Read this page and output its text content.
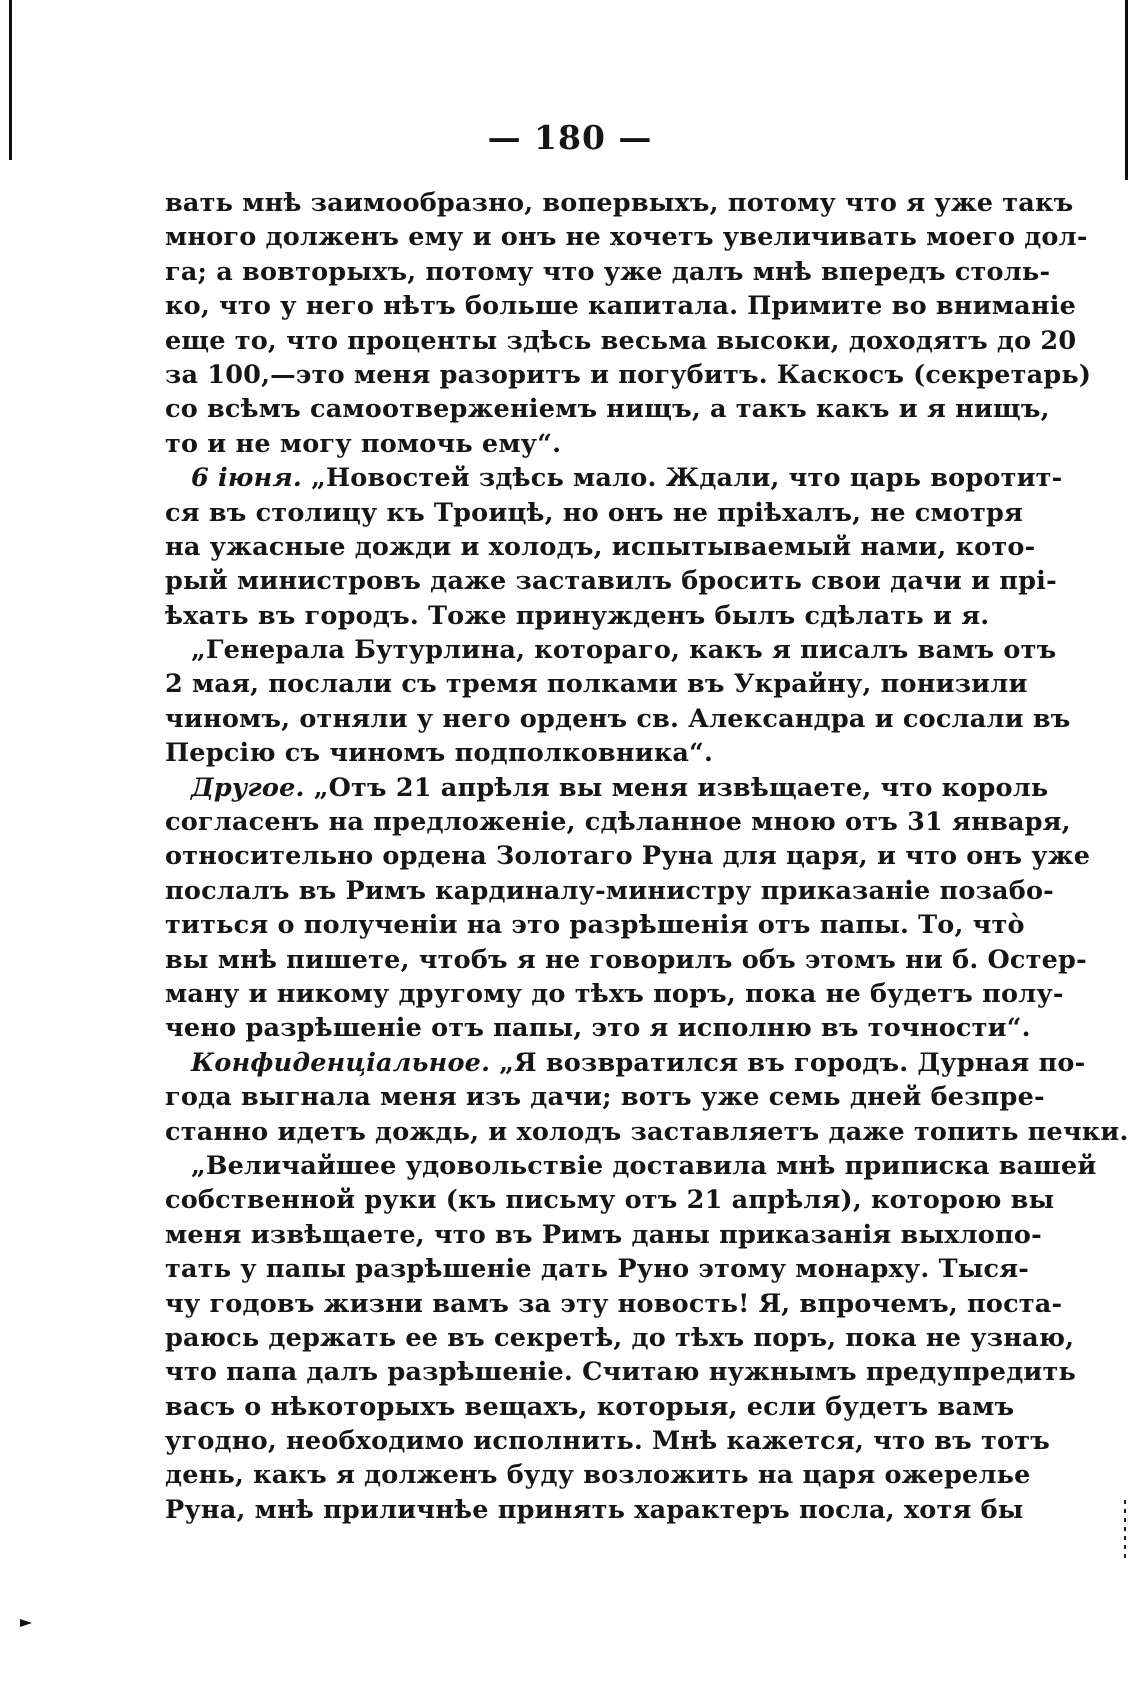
— 180 —
вать мнѣ заимообразно, вопервыхъ, потому что я уже такъ
много долженъ ему и онъ не хочетъ увеличивать моего дол-
га; а вовторыхъ, потому что уже далъ мнѣ впередъ столь-
ко, что у него нѣтъ больше капитала. Примите во вниманіе
еще то, что проценты здѣсь весьма высоки, доходятъ до 20
за 100,—это меня разоритъ и погубитъ. Каскосъ (секретарь)
со всѣмъ самоотверженіемъ нищъ, а такъ какъ и я нищъ,
то и не могу помочь ему“.
6 іюня. „Новостей здѣсь мало. Ждали, что царь воротит-
ся въ столицу къ Троицѣ, но онъ не пріѣхалъ, не смотря
на ужасные дожди и холодъ, испытываемый нами, кото-
рый министровъ даже заставилъ бросить свои дачи и прі-
ѣхать въ городъ. Тоже принужденъ былъ сдѣлать и я.
„Генерала Бутурлина, котораго, какъ я писалъ вамъ отъ
2 мая, послали съ тремя полками въ Украйну, понизили
чиномъ, отняли у него орденъ св. Александра и сослали въ
Персію съ чиномъ подполковника“.
Другое. „Отъ 21 апрѣля вы меня извѣщаете, что король
согласенъ на предложеніе, сдѣланное мною отъ 31 января,
относительно ордена Золотаго Руна для царя, и что онъ уже
послалъ въ Римъ кардиналу-министру приказаніе позабо-
титься о полученіи на это разрѣшенія отъ папы. То, что̀
вы мнѣ пишете, чтобъ я не говорилъ объ этомъ ни б. Остер-
ману и никому другому до тѣхъ поръ, пока не будетъ полу-
чено разрѣшеніе отъ папы, это я исполню въ точности“.
Конфиденціальное. „Я возвратился въ городъ. Дурная по-
года выгнала меня изъ дачи; вотъ уже семь дней безпре-
станно идетъ дождь, и холодъ заставляетъ даже топить печки.
„Величайшее удовольствіе доставила мнѣ приписка вашей
собственной руки (къ письму отъ 21 апрѣля), которою вы
меня извѣщаете, что въ Римъ даны приказанія выхлопо-
тать у папы разрѣшеніе дать Руно этому монарху. Тыся-
чу годовъ жизни вамъ за эту новость! Я, впрочемъ, поста-
раюсь держать ее въ секретѣ, до тѣхъ поръ, пока не узнаю,
что папа далъ разрѣшеніе. Считаю нужнымъ предупредить
васъ о нѣкоторыхъ вещахъ, которыя, если будетъ вамъ
угодно, необходимо исполнить. Мнѣ кажется, что въ тотъ
день, какъ я долженъ буду возложить на царя ожерелье
Руна, мнѣ приличнѣе принять характеръ посла, хотя бы
